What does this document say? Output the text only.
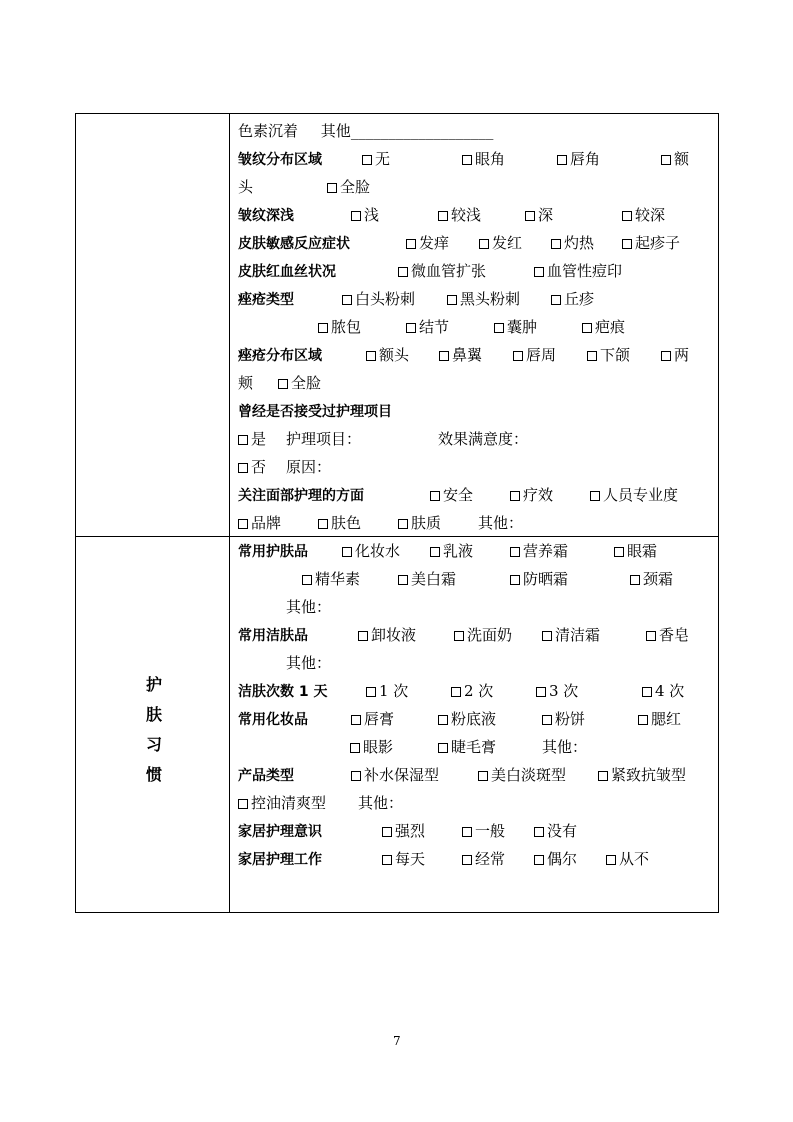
色素沉着 其他___________________
皱纹分布区域	无	眼角	唇角	额
头	全脸
皱纹深浅	浅	较浅	深	较深
皮肤敏感反应症状	发痒	发红	灼热	起疹子
皮肤红血丝状况	微血管扩张	血管性痘印
痤疮类型	白头粉刺	黑头粉刺	丘疹
脓包	结节	囊肿	疤痕
痤疮分布区域	额头	鼻翼	唇周	下颌	两
颊	全脸
曾经是否接受过护理项目
是 护理项目：	效果满意度：
否 原因：
关注面部护理的方面	安全	疗效	人员专业度
品牌	肤色	肤质 其他：
护
肤
习
惯
常用护肤品	化妆水	乳液	营养霜	眼霜
精华素	美白霜	防晒霜	颈霜
其他：
常用洁肤品	卸妆液	洗面奶	清洁霜	香皂
其他：
洁肤次数 1 天	1 次	2 次	3 次	4 次
常用化妆品	唇膏	粉底液	粉饼	腮红
眼影	睫毛膏	其他：
产品类型	补水保湿型	美白淡斑型	紧致抗皱型
控油清爽型 其他：
家居护理意识	强烈	一般	没有
家居护理工作	每天	经常	偶尔	从不
7
